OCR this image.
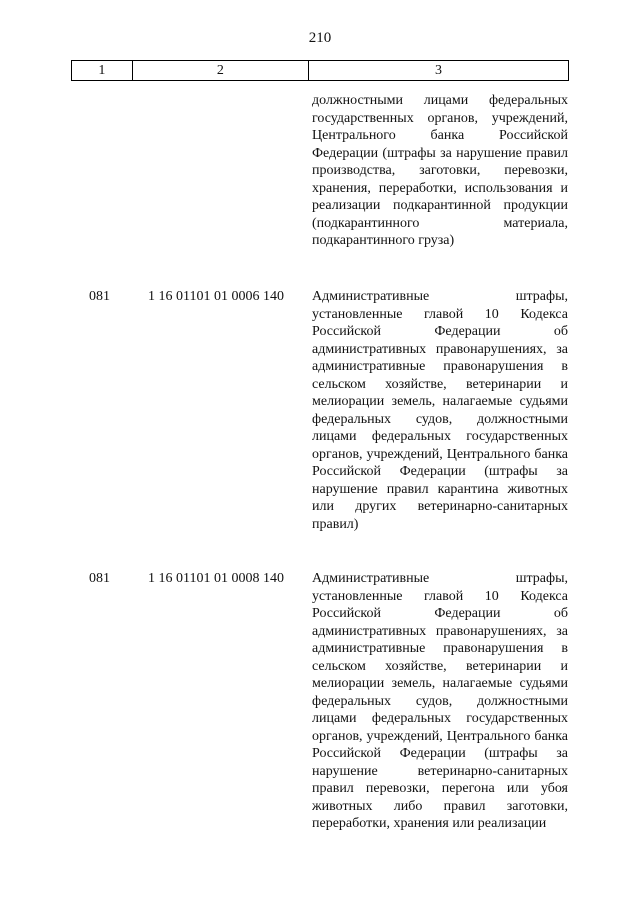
210
1	2	3
должностными лицами федеральных государственных органов, учреждений, Центрального банка Российской Федерации (штрафы за нарушение правил производства, заготовки, перевозки, хранения, переработки, использования и реализации подкарантинной продукции (подкарантинного материала, подкарантинного груза)
081	1 16 01101 01 0006 140 Административные штрафы, установленные главой 10 Кодекса Российской Федерации об административных правонарушениях, за административные правонарушения в сельском хозяйстве, ветеринарии и мелиорации земель, налагаемые судьями федеральных судов, должностными лицами федеральных государственных органов, учреждений, Центрального банка Российской Федерации (штрафы за нарушение правил карантина животных или других ветеринарно-санитарных правил)
081	1 16 01101 01 0008 140 Административные штрафы, установленные главой 10 Кодекса Российской Федерации об административных правонарушениях, за административные правонарушения в сельском хозяйстве, ветеринарии и мелиорации земель, налагаемые судьями федеральных судов, должностными лицами федеральных государственных органов, учреждений, Центрального банка Российской Федерации (штрафы за нарушение ветеринарно-санитарных правил перевозки, перегона или убоя животных либо правил заготовки, переработки, хранения или реализации
